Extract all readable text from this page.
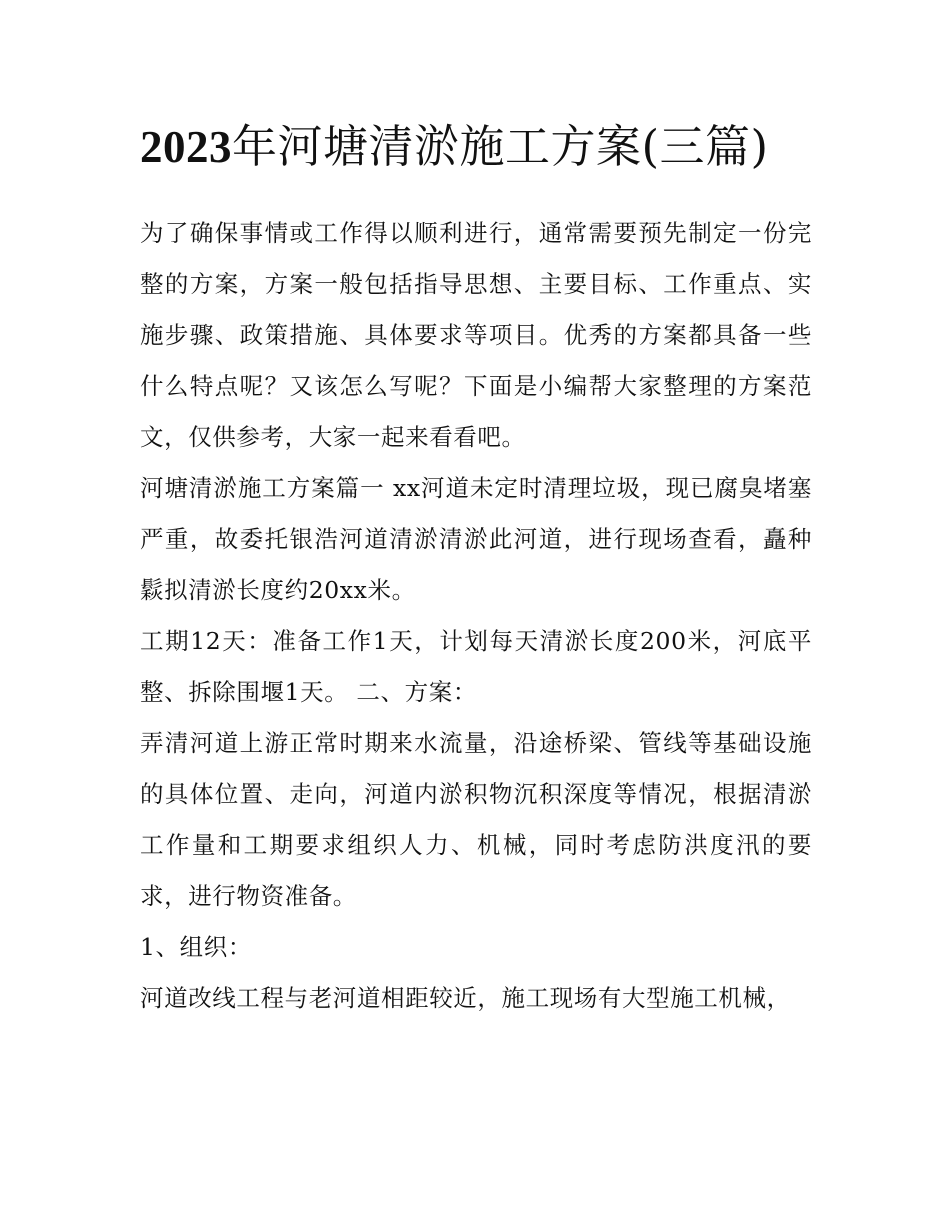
2023年河塘清淤施工方案(三篇)

为了确保事情或工作得以顺利进行，通常需要预先制定一份完整的方案，方案一般包括指导思想、主要目标、工作重点、实施步骤、政策措施、具体要求等项目。优秀的方案都具备一些什么特点呢？又该怎么写呢？下面是小编帮大家整理的方案范文，仅供参考，大家一起来看看吧。

河塘清淤施工方案篇一 xx河道未定时清理垃圾，现已腐臭堵塞严重，故委托银浩河道清淤清淤此河道，进行现场查看，矗种鬏拟清淤长度约20xx米。

工期12天：准备工作1天，计划每天清淤长度200米，河底平整、拆除围堰1天。 二、方案：

弄清河道上游正常时期来水流量，沿途桥梁、管线等基础设施的具体位置、走向，河道内淤积物沉积深度等情况，根据清淤工作量和工期要求组织人力、机械，同时考虑防洪度汛的要求，进行物资准备。

1、组织：

河道改线工程与老河道相距较近，施工现场有大型施工机械，
